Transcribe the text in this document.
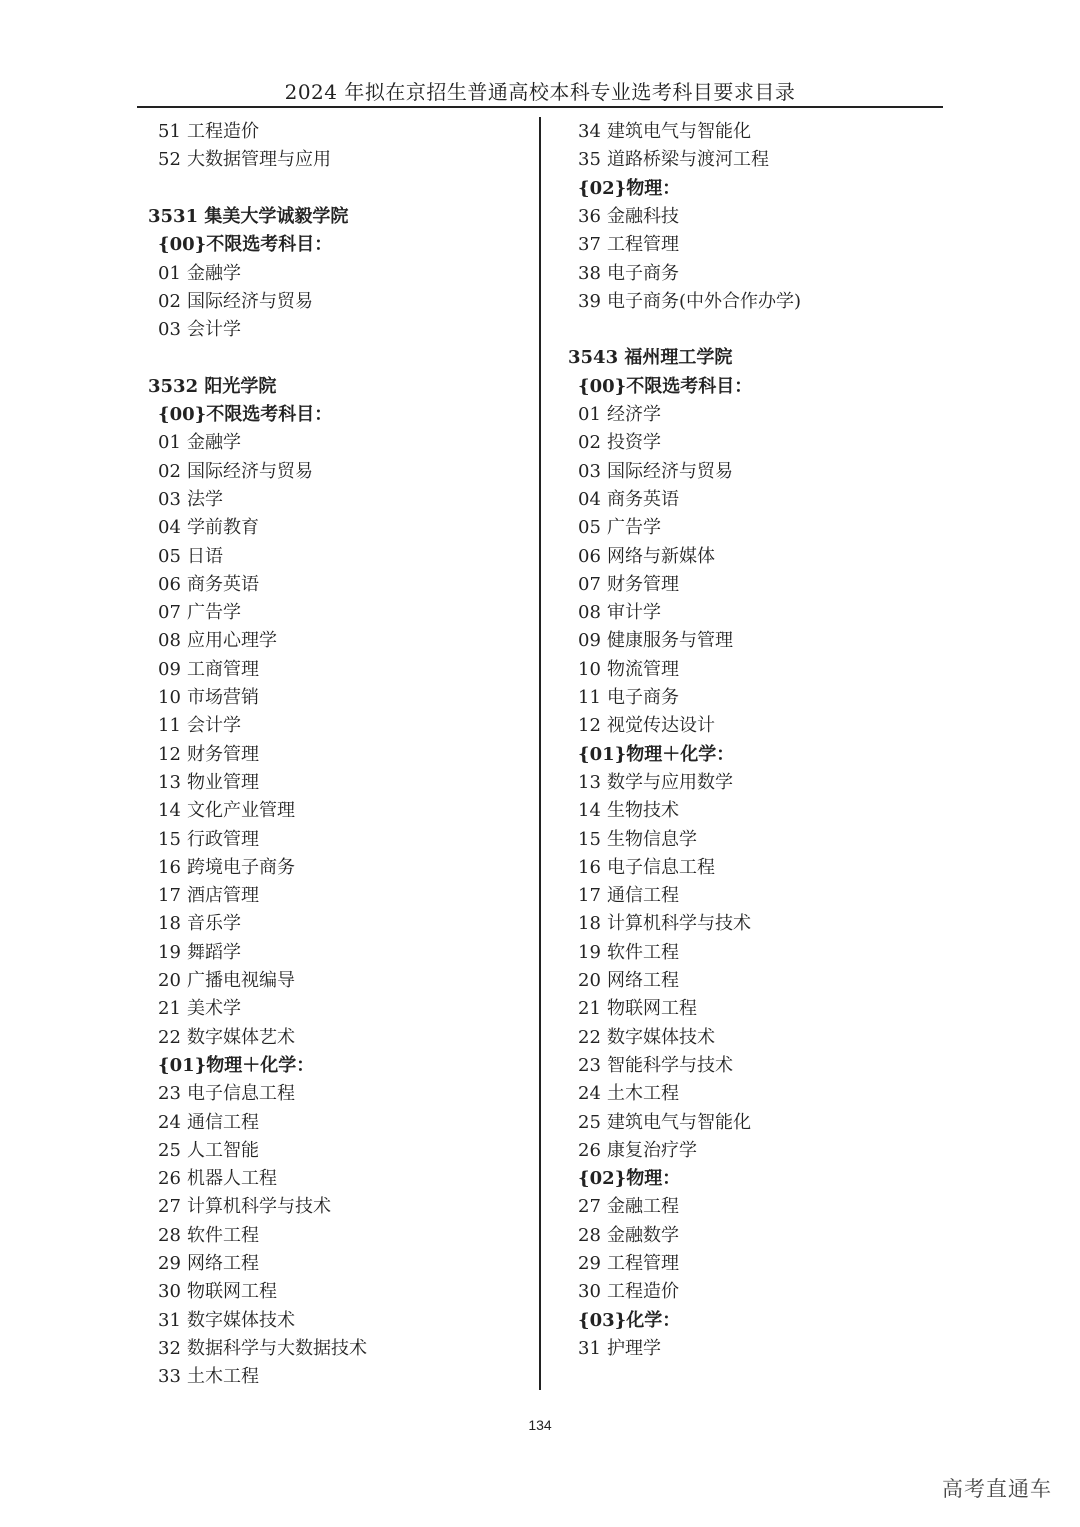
2024 年拟在京招生普通高校本科专业选考科目要求目录
51 工程造价
52 大数据管理与应用
3531 集美大学诚毅学院
{00}不限选考科目：
01 金融学
02 国际经济与贸易
03 会计学
3532 阳光学院
{00}不限选考科目：
01 金融学
02 国际经济与贸易
03 法学
04 学前教育
05 日语
06 商务英语
07 广告学
08 应用心理学
09 工商管理
10 市场营销
11 会计学
12 财务管理
13 物业管理
14 文化产业管理
15 行政管理
16 跨境电子商务
17 酒店管理
18 音乐学
19 舞蹈学
20 广播电视编导
21 美术学
22 数字媒体艺术
{01}物理＋化学：
23 电子信息工程
24 通信工程
25 人工智能
26 机器人工程
27 计算机科学与技术
28 软件工程
29 网络工程
30 物联网工程
31 数字媒体技术
32 数据科学与大数据技术
33 土木工程
34 建筑电气与智能化
35 道路桥梁与渡河工程
{02}物理：
36 金融科技
37 工程管理
38 电子商务
39 电子商务(中外合作办学)
3543 福州理工学院
{00}不限选考科目：
01 经济学
02 投资学
03 国际经济与贸易
04 商务英语
05 广告学
06 网络与新媒体
07 财务管理
08 审计学
09 健康服务与管理
10 物流管理
11 电子商务
12 视觉传达设计
{01}物理＋化学：
13 数学与应用数学
14 生物技术
15 生物信息学
16 电子信息工程
17 通信工程
18 计算机科学与技术
19 软件工程
20 网络工程
21 物联网工程
22 数字媒体技术
23 智能科学与技术
24 土木工程
25 建筑电气与智能化
26 康复治疗学
{02}物理：
27 金融工程
28 金融数学
29 工程管理
30 工程造价
{03}化学：
31 护理学
134
高考直通车
